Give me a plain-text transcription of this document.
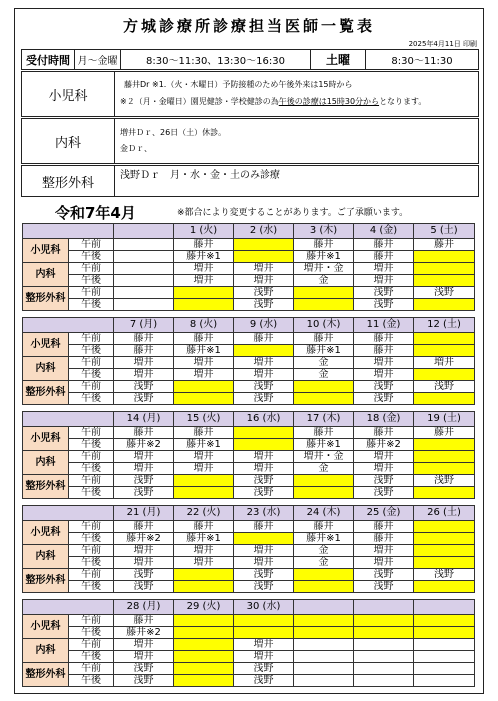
方城診療所診療担当医師一覧表
2025年4月11日 印刷
受付時間 月～金曜	8:30～11:30、13:30～16:30	土曜	8:30～11:30
小児科
藤井Dr ※1.（火・木曜日）予防接種のため午後外来は15時から
※２（月・金曜日）園児健診・学校健診の為午後の診療は15時30分からとなります。
内科
増井Ｄｒ、26日（土）休診。
金Ｄｒ、
整形外科	浅野Ｄｒ　月・水・金・土のみ診療
令和7年4月	※都合により変更することがあります。ご了承願います。
			1 (火)	2 (水)	3 (木)	4 (金)	5 (土)
小児科	午前		藤井		藤井	藤井	藤井
	午後		藤井※1		藤井※1	藤井	
内科	午前		増井	増井	増井・金	増井	
	午後		増井	増井	金	増井	
整形外科	午前			浅野		浅野	浅野
	午後			浅野		浅野	

		7 (月)	8 (火)	9 (水)	10 (木)	11 (金)	12 (土)
小児科	午前	藤井	藤井	藤井	藤井	藤井	
	午後	藤井	藤井※1		藤井※1	藤井	
内科	午前	増井	増井	増井	金	増井	増井
	午後	増井	増井	増井	金	増井	
整形外科	午前	浅野		浅野		浅野	浅野
	午後	浅野		浅野		浅野	

		14 (月)	15 (火)	16 (水)	17 (木)	18 (金)	19 (土)
小児科	午前	藤井	藤井		藤井	藤井	藤井
	午後	藤井※2	藤井※1		藤井※1	藤井※2	
内科	午前	増井	増井	増井	増井・金	増井	
	午後	増井	増井	増井	金	増井	
整形外科	午前	浅野		浅野		浅野	浅野
	午後	浅野		浅野		浅野	

		21 (月)	22 (火)	23 (水)	24 (木)	25 (金)	26 (土)
小児科	午前	藤井	藤井	藤井	藤井	藤井	
	午後	藤井※2	藤井※1		藤井※1	藤井	
内科	午前	増井	増井	増井	金	増井	
	午後	増井	増井	増井	金	増井	
整形外科	午前	浅野		浅野		浅野	浅野
	午後	浅野		浅野		浅野	

		28 (月)	29 (火)	30 (水)			
小児科	午前	藤井					
	午後	藤井※2					
内科	午前	増井		増井			
	午後	増井		増井			
整形外科	午前	浅野		浅野			
	午後	浅野		浅野			
